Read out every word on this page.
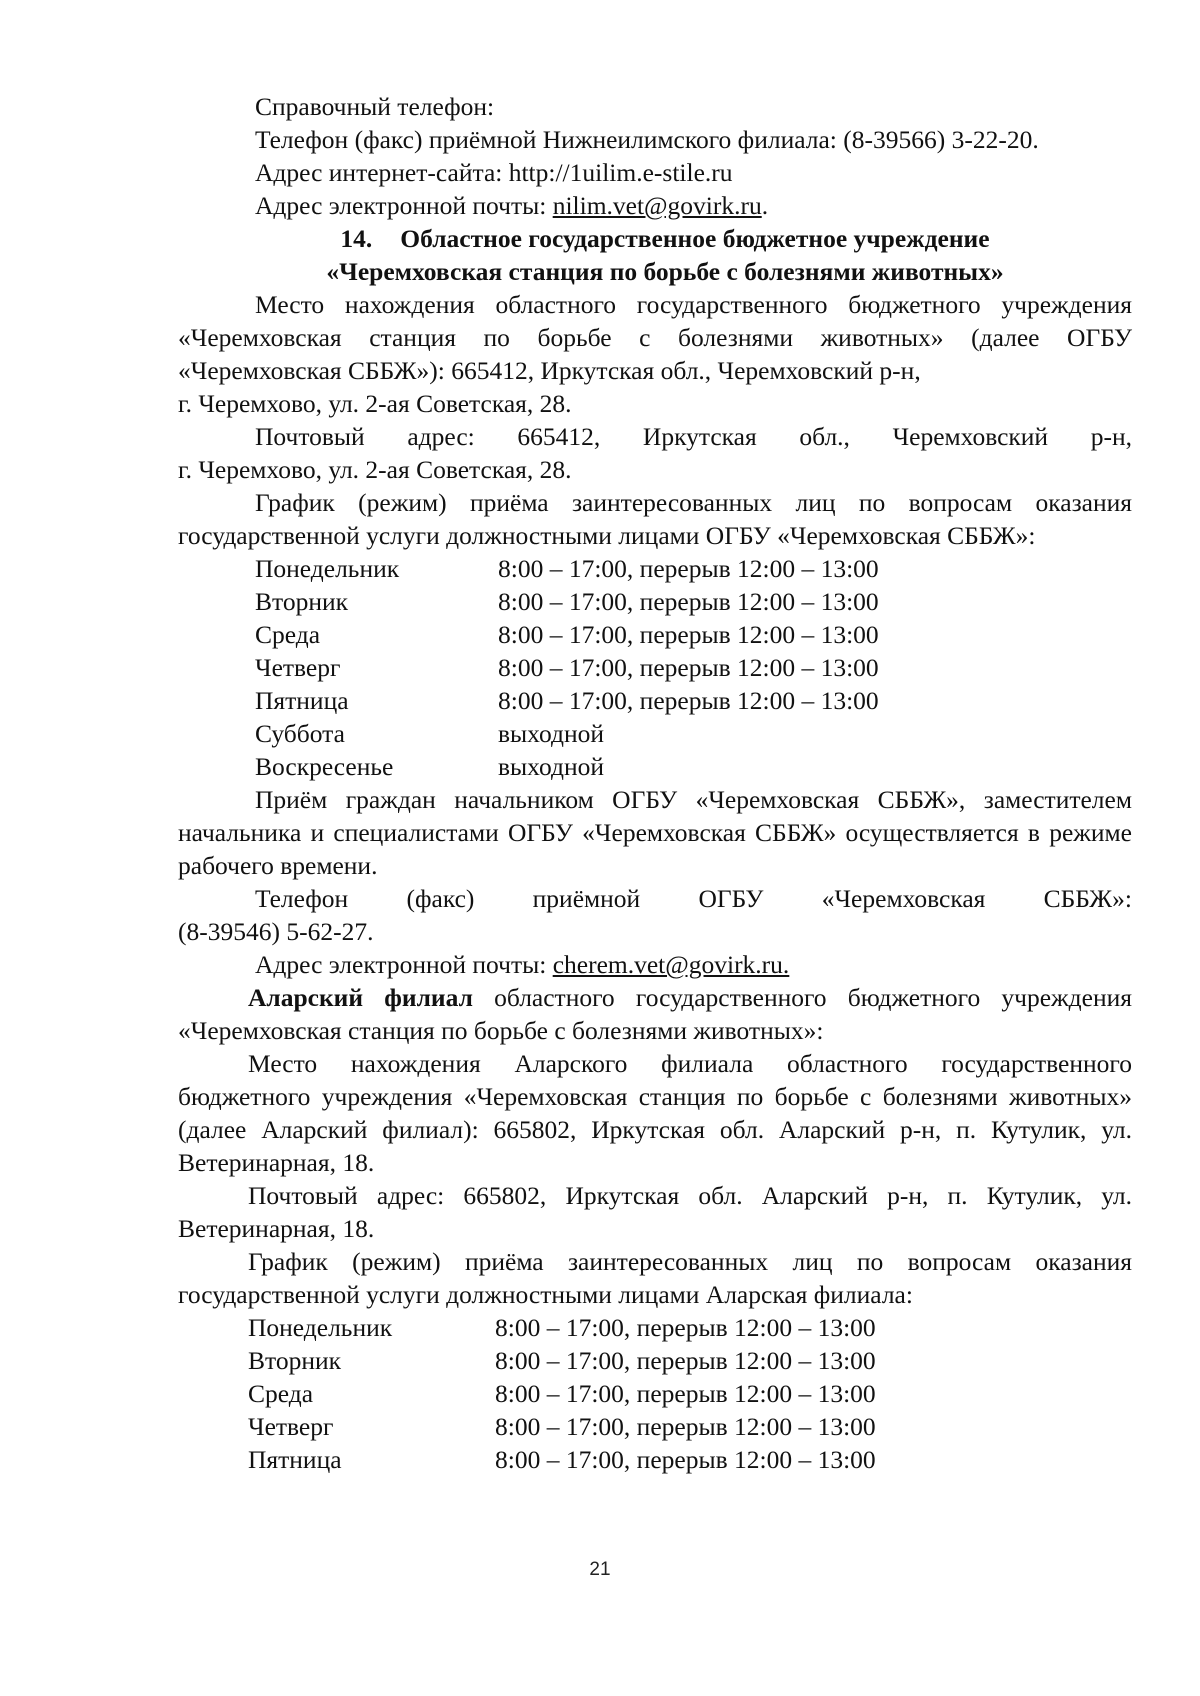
Справочный телефон:

Телефон (факс) приёмной Нижнеилимского филиала: (8-39566) 3-22-20.

Адрес интернет-сайта: http://1uilim.e-stile.ru

Адрес электронной почты: nilim.vet@govirk.ru.

14. Областное государственное бюджетное учреждение

«Черемховская станция по борьбе с болезнями животных»

Место нахождения областного государственного бюджетного учреждения «Черемховская станция по борьбе с болезнями животных» (далее ОГБУ «Черемховская СББЖ»): 665412, Иркутская обл., Черемховский р-н,

г. Черемхово, ул. 2-ая Советская, 28.

Почтовый адрес: 665412, Иркутская обл., Черемховский р-н,

г. Черемхово, ул. 2-ая Советская, 28.

График (режим) приёма заинтересованных лиц по вопросам оказания государственной услуги должностными лицами ОГБУ «Черемховская СББЖ»:

Понедельник	8:00 – 17:00, перерыв 12:00 – 13:00
Вторник	8:00 – 17:00, перерыв 12:00 – 13:00
Среда	8:00 – 17:00, перерыв 12:00 – 13:00
Четверг	8:00 – 17:00, перерыв 12:00 – 13:00
Пятница	8:00 – 17:00, перерыв 12:00 – 13:00
Суббота	выходной
Воскресенье	выходной

Приём граждан начальником ОГБУ «Черемховская СББЖ», заместителем начальника и специалистами ОГБУ «Черемховская СББЖ» осуществляется в режиме рабочего времени.

Телефон (факс) приёмной ОГБУ «Черемховская СББЖ»:

(8-39546) 5-62-27.

Адрес электронной почты: cherem.vet@govirk.ru.

Аларский филиал областного государственного бюджетного учреждения «Черемховская станция по борьбе с болезнями животных»:

Место нахождения Аларского филиала областного государственного бюджетного учреждения «Черемховская станция по борьбе с болезнями животных» (далее Аларский филиал): 665802, Иркутская обл. Аларский р-н, п. Кутулик, ул. Ветеринарная, 18.

Почтовый адрес: 665802, Иркутская обл. Аларский р-н, п. Кутулик, ул. Ветеринарная, 18.

График (режим) приёма заинтересованных лиц по вопросам оказания государственной услуги должностными лицами Аларская филиала:

Понедельник	8:00 – 17:00, перерыв 12:00 – 13:00
Вторник	8:00 – 17:00, перерыв 12:00 – 13:00
Среда	8:00 – 17:00, перерыв 12:00 – 13:00
Четверг	8:00 – 17:00, перерыв 12:00 – 13:00
Пятница	8:00 – 17:00, перерыв 12:00 – 13:00
21
